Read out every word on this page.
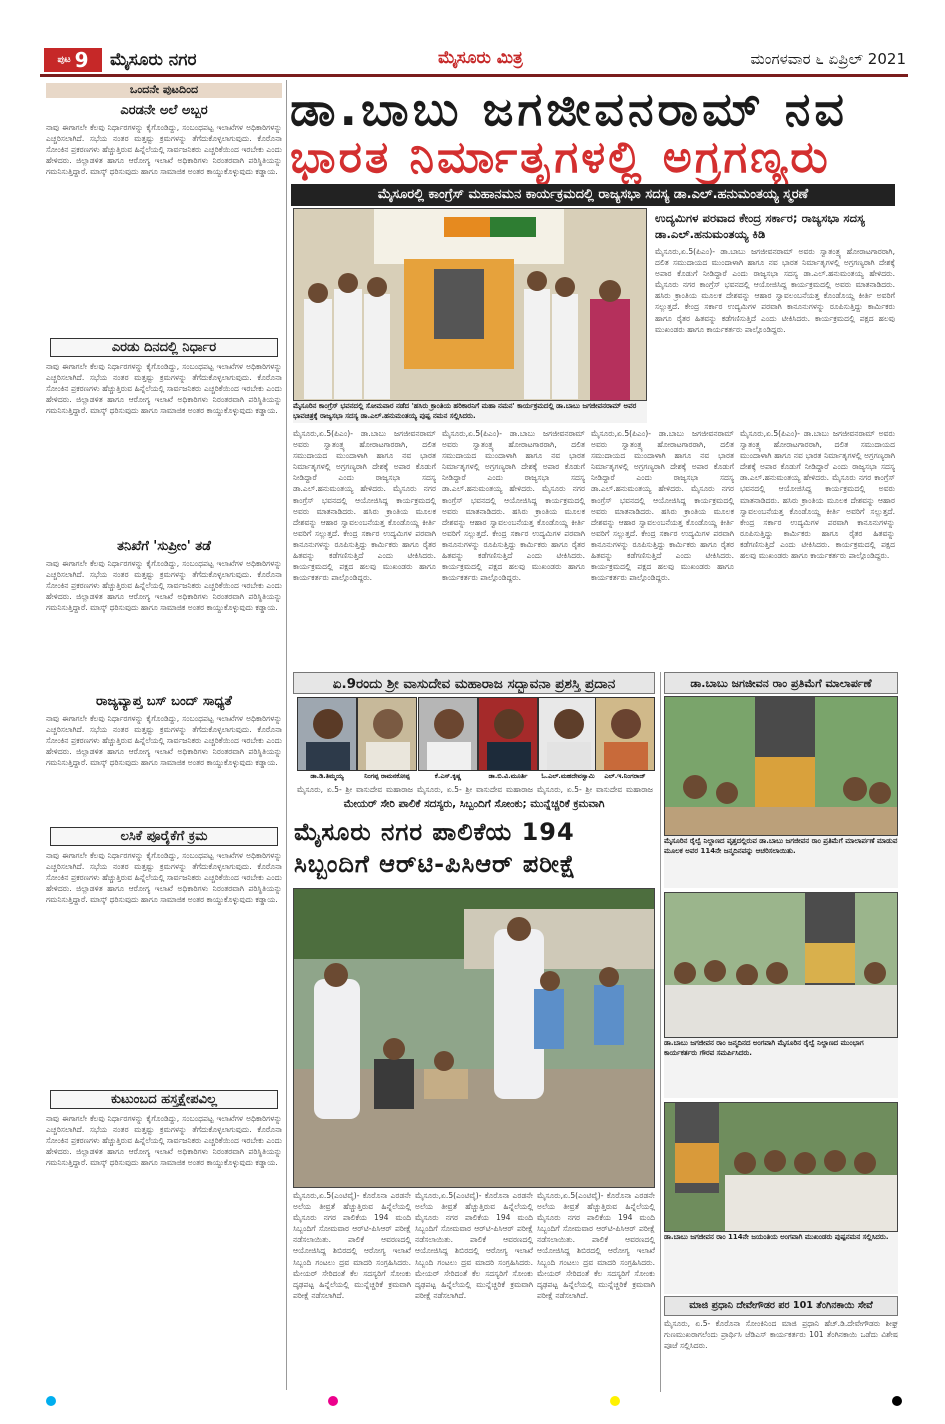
ಪುಟ 9 ಮೈಸೂರು ನಗರ	ಮೈಸೂರು ಮಿತ್ರ	ಮಂಗಳವಾರ ೬ ಏಪ್ರಿಲ್ 2021
ಒಂದನೇ ಪುಟದಿಂದ
ಎರಡನೇ ಅಲೆ ಅಬ್ಬರ
ನಾವು ಈಗಾಗಲೇ ಕೆಲವು ನಿರ್ಧಾರಗಳನ್ನು ಕೈಗೊಂಡಿದ್ದು, ಸಂಬಂಧಪಟ್ಟ ಇಲಾಖೆಗಳ ಅಧಿಕಾರಿಗಳನ್ನು ಎಚ್ಚರಿಸಲಾಗಿದೆ. ಸಭೆಯ ನಂತರ ಮತ್ತಷ್ಟು ಕ್ರಮಗಳನ್ನು ತೆಗೆದುಕೊಳ್ಳಲಾಗುವುದು. ಕೊರೊನಾ ಸೋಂಕಿನ ಪ್ರಕರಣಗಳು ಹೆಚ್ಚುತ್ತಿರುವ ಹಿನ್ನೆಲೆಯಲ್ಲಿ ಸಾರ್ವಜನಿಕರು ಎಚ್ಚರಿಕೆಯಿಂದ ಇರಬೇಕು ಎಂದು ಹೇಳಿದರು. ಜಿಲ್ಲಾಡಳಿತ ಹಾಗೂ ಆರೋಗ್ಯ ಇಲಾಖೆ ಅಧಿಕಾರಿಗಳು ನಿರಂತರವಾಗಿ ಪರಿಸ್ಥಿತಿಯನ್ನು ಗಮನಿಸುತ್ತಿದ್ದಾರೆ. ಮಾಸ್ಕ್ ಧರಿಸುವುದು ಹಾಗೂ ಸಾಮಾಜಿಕ ಅಂತರ ಕಾಯ್ದುಕೊಳ್ಳುವುದು ಕಡ್ಡಾಯ.
ಎರಡು ದಿನದಲ್ಲಿ ನಿರ್ಧಾರ
ನಾವು ಈಗಾಗಲೇ ಕೆಲವು ನಿರ್ಧಾರಗಳನ್ನು ಕೈಗೊಂಡಿದ್ದು, ಸಂಬಂಧಪಟ್ಟ ಇಲಾಖೆಗಳ ಅಧಿಕಾರಿಗಳನ್ನು ಎಚ್ಚರಿಸಲಾಗಿದೆ. ಸಭೆಯ ನಂತರ ಮತ್ತಷ್ಟು ಕ್ರಮಗಳನ್ನು ತೆಗೆದುಕೊಳ್ಳಲಾಗುವುದು. ಕೊರೊನಾ ಸೋಂಕಿನ ಪ್ರಕರಣಗಳು ಹೆಚ್ಚುತ್ತಿರುವ ಹಿನ್ನೆಲೆಯಲ್ಲಿ ಸಾರ್ವಜನಿಕರು ಎಚ್ಚರಿಕೆಯಿಂದ ಇರಬೇಕು ಎಂದು ಹೇಳಿದರು. ಜಿಲ್ಲಾಡಳಿತ ಹಾಗೂ ಆರೋಗ್ಯ ಇಲಾಖೆ ಅಧಿಕಾರಿಗಳು ನಿರಂತರವಾಗಿ ಪರಿಸ್ಥಿತಿಯನ್ನು ಗಮನಿಸುತ್ತಿದ್ದಾರೆ. ಮಾಸ್ಕ್ ಧರಿಸುವುದು ಹಾಗೂ ಸಾಮಾಜಿಕ ಅಂತರ ಕಾಯ್ದುಕೊಳ್ಳುವುದು ಕಡ್ಡಾಯ.
ತನಿಖೆಗೆ 'ಸುಪ್ರೀಂ' ತಡೆ
ನಾವು ಈಗಾಗಲೇ ಕೆಲವು ನಿರ್ಧಾರಗಳನ್ನು ಕೈಗೊಂಡಿದ್ದು, ಸಂಬಂಧಪಟ್ಟ ಇಲಾಖೆಗಳ ಅಧಿಕಾರಿಗಳನ್ನು ಎಚ್ಚರಿಸಲಾಗಿದೆ. ಸಭೆಯ ನಂತರ ಮತ್ತಷ್ಟು ಕ್ರಮಗಳನ್ನು ತೆಗೆದುಕೊಳ್ಳಲಾಗುವುದು. ಕೊರೊನಾ ಸೋಂಕಿನ ಪ್ರಕರಣಗಳು ಹೆಚ್ಚುತ್ತಿರುವ ಹಿನ್ನೆಲೆಯಲ್ಲಿ ಸಾರ್ವಜನಿಕರು ಎಚ್ಚರಿಕೆಯಿಂದ ಇರಬೇಕು ಎಂದು ಹೇಳಿದರು. ಜಿಲ್ಲಾಡಳಿತ ಹಾಗೂ ಆರೋಗ್ಯ ಇಲಾಖೆ ಅಧಿಕಾರಿಗಳು ನಿರಂತರವಾಗಿ ಪರಿಸ್ಥಿತಿಯನ್ನು ಗಮನಿಸುತ್ತಿದ್ದಾರೆ. ಮಾಸ್ಕ್ ಧರಿಸುವುದು ಹಾಗೂ ಸಾಮಾಜಿಕ ಅಂತರ ಕಾಯ್ದುಕೊಳ್ಳುವುದು ಕಡ್ಡಾಯ.
ರಾಜ್ಯವ್ಯಾಪ್ತ ಬಸ್ ಬಂದ್ ಸಾಧ್ಯತೆ
ನಾವು ಈಗಾಗಲೇ ಕೆಲವು ನಿರ್ಧಾರಗಳನ್ನು ಕೈಗೊಂಡಿದ್ದು, ಸಂಬಂಧಪಟ್ಟ ಇಲಾಖೆಗಳ ಅಧಿಕಾರಿಗಳನ್ನು ಎಚ್ಚರಿಸಲಾಗಿದೆ. ಸಭೆಯ ನಂತರ ಮತ್ತಷ್ಟು ಕ್ರಮಗಳನ್ನು ತೆಗೆದುಕೊಳ್ಳಲಾಗುವುದು. ಕೊರೊನಾ ಸೋಂಕಿನ ಪ್ರಕರಣಗಳು ಹೆಚ್ಚುತ್ತಿರುವ ಹಿನ್ನೆಲೆಯಲ್ಲಿ ಸಾರ್ವಜನಿಕರು ಎಚ್ಚರಿಕೆಯಿಂದ ಇರಬೇಕು ಎಂದು ಹೇಳಿದರು. ಜಿಲ್ಲಾಡಳಿತ ಹಾಗೂ ಆರೋಗ್ಯ ಇಲಾಖೆ ಅಧಿಕಾರಿಗಳು ನಿರಂತರವಾಗಿ ಪರಿಸ್ಥಿತಿಯನ್ನು ಗಮನಿಸುತ್ತಿದ್ದಾರೆ. ಮಾಸ್ಕ್ ಧರಿಸುವುದು ಹಾಗೂ ಸಾಮಾಜಿಕ ಅಂತರ ಕಾಯ್ದುಕೊಳ್ಳುವುದು ಕಡ್ಡಾಯ.
ಲಸಿಕೆ ಪೂರೈಕೆಗೆ ಕ್ರಮ
ನಾವು ಈಗಾಗಲೇ ಕೆಲವು ನಿರ್ಧಾರಗಳನ್ನು ಕೈಗೊಂಡಿದ್ದು, ಸಂಬಂಧಪಟ್ಟ ಇಲಾಖೆಗಳ ಅಧಿಕಾರಿಗಳನ್ನು ಎಚ್ಚರಿಸಲಾಗಿದೆ. ಸಭೆಯ ನಂತರ ಮತ್ತಷ್ಟು ಕ್ರಮಗಳನ್ನು ತೆಗೆದುಕೊಳ್ಳಲಾಗುವುದು. ಕೊರೊನಾ ಸೋಂಕಿನ ಪ್ರಕರಣಗಳು ಹೆಚ್ಚುತ್ತಿರುವ ಹಿನ್ನೆಲೆಯಲ್ಲಿ ಸಾರ್ವಜನಿಕರು ಎಚ್ಚರಿಕೆಯಿಂದ ಇರಬೇಕು ಎಂದು ಹೇಳಿದರು. ಜಿಲ್ಲಾಡಳಿತ ಹಾಗೂ ಆರೋಗ್ಯ ಇಲಾಖೆ ಅಧಿಕಾರಿಗಳು ನಿರಂತರವಾಗಿ ಪರಿಸ್ಥಿತಿಯನ್ನು ಗಮನಿಸುತ್ತಿದ್ದಾರೆ. ಮಾಸ್ಕ್ ಧರಿಸುವುದು ಹಾಗೂ ಸಾಮಾಜಿಕ ಅಂತರ ಕಾಯ್ದುಕೊಳ್ಳುವುದು ಕಡ್ಡಾಯ.
ಕುಟುಂಬದ ಹಸ್ತಕ್ಷೇಪವಿಲ್ಲ
ನಾವು ಈಗಾಗಲೇ ಕೆಲವು ನಿರ್ಧಾರಗಳನ್ನು ಕೈಗೊಂಡಿದ್ದು, ಸಂಬಂಧಪಟ್ಟ ಇಲಾಖೆಗಳ ಅಧಿಕಾರಿಗಳನ್ನು ಎಚ್ಚರಿಸಲಾಗಿದೆ. ಸಭೆಯ ನಂತರ ಮತ್ತಷ್ಟು ಕ್ರಮಗಳನ್ನು ತೆಗೆದುಕೊಳ್ಳಲಾಗುವುದು. ಕೊರೊನಾ ಸೋಂಕಿನ ಪ್ರಕರಣಗಳು ಹೆಚ್ಚುತ್ತಿರುವ ಹಿನ್ನೆಲೆಯಲ್ಲಿ ಸಾರ್ವಜನಿಕರು ಎಚ್ಚರಿಕೆಯಿಂದ ಇರಬೇಕು ಎಂದು ಹೇಳಿದರು. ಜಿಲ್ಲಾಡಳಿತ ಹಾಗೂ ಆರೋಗ್ಯ ಇಲಾಖೆ ಅಧಿಕಾರಿಗಳು ನಿರಂತರವಾಗಿ ಪರಿಸ್ಥಿತಿಯನ್ನು ಗಮನಿಸುತ್ತಿದ್ದಾರೆ. ಮಾಸ್ಕ್ ಧರಿಸುವುದು ಹಾಗೂ ಸಾಮಾಜಿಕ ಅಂತರ ಕಾಯ್ದುಕೊಳ್ಳುವುದು ಕಡ್ಡಾಯ.
ಡಾ.ಬಾಬು ಜಗಜೀವನರಾಮ್ ನವ
ಭಾರತ ನಿರ್ಮಾತೃಗಳಲ್ಲಿ ಅಗ್ರಗಣ್ಯರು
ಮೈಸೂರಲ್ಲಿ ಕಾಂಗ್ರೆಸ್ ಮಹಾನಮನ ಕಾರ್ಯಕ್ರಮದಲ್ಲಿ ರಾಜ್ಯಸಭಾ ಸದಸ್ಯ ಡಾ.ಎಲ್.ಹನುಮಂತಯ್ಯ ಸ್ಮರಣೆ
ಮೈಸೂರಿನ ಕಾಂಗ್ರೆಸ್ ಭವನದಲ್ಲಿ ಸೋಮವಾರ ನಡೆದ 'ಹಸಿರು ಕ್ರಾಂತಿಯ ಹರಿಕಾರನಿಗೆ ಮಹಾ ನಮನ' ಕಾರ್ಯಕ್ರಮದಲ್ಲಿ ಡಾ.ಬಾಬು ಜಗಜೀವನರಾಮ್ ಅವರ ಭಾವಚಿತ್ರಕ್ಕೆ ರಾಜ್ಯಸಭಾ ಸದಸ್ಯ ಡಾ.ಎಲ್.ಹನುಮಂತಯ್ಯ ಪುಷ್ಪ ನಮನ ಸಲ್ಲಿಸಿದರು.
ಉದ್ಯಮಿಗಳ ಪರವಾದ ಕೇಂದ್ರ ಸರ್ಕಾರ; ರಾಜ್ಯಸಭಾ ಸದಸ್ಯ ಡಾ.ಎಲ್.ಹನುಮಂತಯ್ಯ ಕಿಡಿ
ಮೈಸೂರು,ಏ.5(ಪಿಎಂ)- ಡಾ.ಬಾಬು ಜಗಜೀವನರಾಮ್ ಅವರು ಸ್ವಾತಂತ್ರ್ಯ ಹೋರಾಟಗಾರರಾಗಿ, ದಲಿತ ಸಮುದಾಯದ ಮುಂದಾಳಾಗಿ ಹಾಗೂ ನವ ಭಾರತ ನಿರ್ಮಾತೃಗಳಲ್ಲಿ ಅಗ್ರಗಣ್ಯರಾಗಿ ದೇಶಕ್ಕೆ ಅಪಾರ ಕೊಡುಗೆ ನೀಡಿದ್ದಾರೆ ಎಂದು ರಾಜ್ಯಸಭಾ ಸದಸ್ಯ ಡಾ.ಎಲ್.ಹನುಮಂತಯ್ಯ ಹೇಳಿದರು. ಮೈಸೂರು ನಗರ ಕಾಂಗ್ರೆಸ್ ಭವನದಲ್ಲಿ ಆಯೋಜಿಸಿದ್ದ ಕಾರ್ಯಕ್ರಮದಲ್ಲಿ ಅವರು ಮಾತನಾಡಿದರು. ಹಸಿರು ಕ್ರಾಂತಿಯ ಮೂಲಕ ದೇಶವನ್ನು ಆಹಾರ ಸ್ವಾವಲಂಬನೆಯತ್ತ ಕೊಂಡೊಯ್ದ ಕೀರ್ತಿ ಅವರಿಗೆ ಸಲ್ಲುತ್ತದೆ. ಕೇಂದ್ರ ಸರ್ಕಾರ ಉದ್ಯಮಿಗಳ ಪರವಾಗಿ ಕಾನೂನುಗಳನ್ನು ರೂಪಿಸುತ್ತಿದ್ದು ಕಾರ್ಮಿಕರು ಹಾಗೂ ರೈತರ ಹಿತವನ್ನು ಕಡೆಗಣಿಸುತ್ತಿದೆ ಎಂದು ಟೀಕಿಸಿದರು. ಕಾರ್ಯಕ್ರಮದಲ್ಲಿ ಪಕ್ಷದ ಹಲವು ಮುಖಂಡರು ಹಾಗೂ ಕಾರ್ಯಕರ್ತರು ಪಾಲ್ಗೊಂಡಿದ್ದರು.
ಮೈಸೂರು,ಏ.5(ಪಿಎಂ)- ಡಾ.ಬಾಬು ಜಗಜೀವನರಾಮ್ ಅವರು ಸ್ವಾತಂತ್ರ್ಯ ಹೋರಾಟಗಾರರಾಗಿ, ದಲಿತ ಸಮುದಾಯದ ಮುಂದಾಳಾಗಿ ಹಾಗೂ ನವ ಭಾರತ ನಿರ್ಮಾತೃಗಳಲ್ಲಿ ಅಗ್ರಗಣ್ಯರಾಗಿ ದೇಶಕ್ಕೆ ಅಪಾರ ಕೊಡುಗೆ ನೀಡಿದ್ದಾರೆ ಎಂದು ರಾಜ್ಯಸಭಾ ಸದಸ್ಯ ಡಾ.ಎಲ್.ಹನುಮಂತಯ್ಯ ಹೇಳಿದರು. ಮೈಸೂರು ನಗರ ಕಾಂಗ್ರೆಸ್ ಭವನದಲ್ಲಿ ಆಯೋಜಿಸಿದ್ದ ಕಾರ್ಯಕ್ರಮದಲ್ಲಿ ಅವರು ಮಾತನಾಡಿದರು. ಹಸಿರು ಕ್ರಾಂತಿಯ ಮೂಲಕ ದೇಶವನ್ನು ಆಹಾರ ಸ್ವಾವಲಂಬನೆಯತ್ತ ಕೊಂಡೊಯ್ದ ಕೀರ್ತಿ ಅವರಿಗೆ ಸಲ್ಲುತ್ತದೆ. ಕೇಂದ್ರ ಸರ್ಕಾರ ಉದ್ಯಮಿಗಳ ಪರವಾಗಿ ಕಾನೂನುಗಳನ್ನು ರೂಪಿಸುತ್ತಿದ್ದು ಕಾರ್ಮಿಕರು ಹಾಗೂ ರೈತರ ಹಿತವನ್ನು ಕಡೆಗಣಿಸುತ್ತಿದೆ ಎಂದು ಟೀಕಿಸಿದರು. ಕಾರ್ಯಕ್ರಮದಲ್ಲಿ ಪಕ್ಷದ ಹಲವು ಮುಖಂಡರು ಹಾಗೂ ಕಾರ್ಯಕರ್ತರು ಪಾಲ್ಗೊಂಡಿದ್ದರು.
ಮೈಸೂರು,ಏ.5(ಪಿಎಂ)- ಡಾ.ಬಾಬು ಜಗಜೀವನರಾಮ್ ಅವರು ಸ್ವಾತಂತ್ರ್ಯ ಹೋರಾಟಗಾರರಾಗಿ, ದಲಿತ ಸಮುದಾಯದ ಮುಂದಾಳಾಗಿ ಹಾಗೂ ನವ ಭಾರತ ನಿರ್ಮಾತೃಗಳಲ್ಲಿ ಅಗ್ರಗಣ್ಯರಾಗಿ ದೇಶಕ್ಕೆ ಅಪಾರ ಕೊಡುಗೆ ನೀಡಿದ್ದಾರೆ ಎಂದು ರಾಜ್ಯಸಭಾ ಸದಸ್ಯ ಡಾ.ಎಲ್.ಹನುಮಂತಯ್ಯ ಹೇಳಿದರು. ಮೈಸೂರು ನಗರ ಕಾಂಗ್ರೆಸ್ ಭವನದಲ್ಲಿ ಆಯೋಜಿಸಿದ್ದ ಕಾರ್ಯಕ್ರಮದಲ್ಲಿ ಅವರು ಮಾತನಾಡಿದರು. ಹಸಿರು ಕ್ರಾಂತಿಯ ಮೂಲಕ ದೇಶವನ್ನು ಆಹಾರ ಸ್ವಾವಲಂಬನೆಯತ್ತ ಕೊಂಡೊಯ್ದ ಕೀರ್ತಿ ಅವರಿಗೆ ಸಲ್ಲುತ್ತದೆ. ಕೇಂದ್ರ ಸರ್ಕಾರ ಉದ್ಯಮಿಗಳ ಪರವಾಗಿ ಕಾನೂನುಗಳನ್ನು ರೂಪಿಸುತ್ತಿದ್ದು ಕಾರ್ಮಿಕರು ಹಾಗೂ ರೈತರ ಹಿತವನ್ನು ಕಡೆಗಣಿಸುತ್ತಿದೆ ಎಂದು ಟೀಕಿಸಿದರು. ಕಾರ್ಯಕ್ರಮದಲ್ಲಿ ಪಕ್ಷದ ಹಲವು ಮುಖಂಡರು ಹಾಗೂ ಕಾರ್ಯಕರ್ತರು ಪಾಲ್ಗೊಂಡಿದ್ದರು.
ಮೈಸೂರು,ಏ.5(ಪಿಎಂ)- ಡಾ.ಬಾಬು ಜಗಜೀವನರಾಮ್ ಅವರು ಸ್ವಾತಂತ್ರ್ಯ ಹೋರಾಟಗಾರರಾಗಿ, ದಲಿತ ಸಮುದಾಯದ ಮುಂದಾಳಾಗಿ ಹಾಗೂ ನವ ಭಾರತ ನಿರ್ಮಾತೃಗಳಲ್ಲಿ ಅಗ್ರಗಣ್ಯರಾಗಿ ದೇಶಕ್ಕೆ ಅಪಾರ ಕೊಡುಗೆ ನೀಡಿದ್ದಾರೆ ಎಂದು ರಾಜ್ಯಸಭಾ ಸದಸ್ಯ ಡಾ.ಎಲ್.ಹನುಮಂತಯ್ಯ ಹೇಳಿದರು. ಮೈಸೂರು ನಗರ ಕಾಂಗ್ರೆಸ್ ಭವನದಲ್ಲಿ ಆಯೋಜಿಸಿದ್ದ ಕಾರ್ಯಕ್ರಮದಲ್ಲಿ ಅವರು ಮಾತನಾಡಿದರು. ಹಸಿರು ಕ್ರಾಂತಿಯ ಮೂಲಕ ದೇಶವನ್ನು ಆಹಾರ ಸ್ವಾವಲಂಬನೆಯತ್ತ ಕೊಂಡೊಯ್ದ ಕೀರ್ತಿ ಅವರಿಗೆ ಸಲ್ಲುತ್ತದೆ. ಕೇಂದ್ರ ಸರ್ಕಾರ ಉದ್ಯಮಿಗಳ ಪರವಾಗಿ ಕಾನೂನುಗಳನ್ನು ರೂಪಿಸುತ್ತಿದ್ದು ಕಾರ್ಮಿಕರು ಹಾಗೂ ರೈತರ ಹಿತವನ್ನು ಕಡೆಗಣಿಸುತ್ತಿದೆ ಎಂದು ಟೀಕಿಸಿದರು. ಕಾರ್ಯಕ್ರಮದಲ್ಲಿ ಪಕ್ಷದ ಹಲವು ಮುಖಂಡರು ಹಾಗೂ ಕಾರ್ಯಕರ್ತರು ಪಾಲ್ಗೊಂಡಿದ್ದರು.
ಮೈಸೂರು,ಏ.5(ಪಿಎಂ)- ಡಾ.ಬಾಬು ಜಗಜೀವನರಾಮ್ ಅವರು ಸ್ವಾತಂತ್ರ್ಯ ಹೋರಾಟಗಾರರಾಗಿ, ದಲಿತ ಸಮುದಾಯದ ಮುಂದಾಳಾಗಿ ಹಾಗೂ ನವ ಭಾರತ ನಿರ್ಮಾತೃಗಳಲ್ಲಿ ಅಗ್ರಗಣ್ಯರಾಗಿ ದೇಶಕ್ಕೆ ಅಪಾರ ಕೊಡುಗೆ ನೀಡಿದ್ದಾರೆ ಎಂದು ರಾಜ್ಯಸಭಾ ಸದಸ್ಯ ಡಾ.ಎಲ್.ಹನುಮಂತಯ್ಯ ಹೇಳಿದರು. ಮೈಸೂರು ನಗರ ಕಾಂಗ್ರೆಸ್ ಭವನದಲ್ಲಿ ಆಯೋಜಿಸಿದ್ದ ಕಾರ್ಯಕ್ರಮದಲ್ಲಿ ಅವರು ಮಾತನಾಡಿದರು. ಹಸಿರು ಕ್ರಾಂತಿಯ ಮೂಲಕ ದೇಶವನ್ನು ಆಹಾರ ಸ್ವಾವಲಂಬನೆಯತ್ತ ಕೊಂಡೊಯ್ದ ಕೀರ್ತಿ ಅವರಿಗೆ ಸಲ್ಲುತ್ತದೆ. ಕೇಂದ್ರ ಸರ್ಕಾರ ಉದ್ಯಮಿಗಳ ಪರವಾಗಿ ಕಾನೂನುಗಳನ್ನು ರೂಪಿಸುತ್ತಿದ್ದು ಕಾರ್ಮಿಕರು ಹಾಗೂ ರೈತರ ಹಿತವನ್ನು ಕಡೆಗಣಿಸುತ್ತಿದೆ ಎಂದು ಟೀಕಿಸಿದರು. ಕಾರ್ಯಕ್ರಮದಲ್ಲಿ ಪಕ್ಷದ ಹಲವು ಮುಖಂಡರು ಹಾಗೂ ಕಾರ್ಯಕರ್ತರು ಪಾಲ್ಗೊಂಡಿದ್ದರು.
ಏ.9ರಂದು ಶ್ರೀ ವಾಸುದೇವ ಮಹಾರಾಜ ಸದ್ಭಾವನಾ ಪ್ರಶಸ್ತಿ ಪ್ರದಾನ
ಡಾ.ಡಿ.ತಿಮ್ಮಯ್ಯ	ನಿಂಗಪ್ಪ ರಾಮನಕೋಪ್ಪ	ಕೆ.ಎಸ್.ಕೃಷ್ಣ	ಡಾ.ಬಿ.ವಿ.ಮೂರ್ತಿ	ಓ.ಎಲ್.ಮಹದೇವಸ್ವಾಮಿ	ಎಲ್.ಇ.ನಿಂಗರಾಜ್
ಮೈಸೂರು, ಏ.5- ಶ್ರೀ ವಾಸುದೇವ ಮಹಾರಾಜ ಮೈಸೂರು, ಏ.5- ಶ್ರೀ ವಾಸುದೇವ ಮಹಾರಾಜ ಮೈಸೂರು, ಏ.5- ಶ್ರೀ ವಾಸುದೇವ ಮಹಾರಾಜ
ಮೇಯರ್ ಸೇರಿ ಪಾಲಿಕೆ ಸದಸ್ಯರು, ಸಿಬ್ಬಂದಿಗೆ ಸೋಂಕು; ಮುನ್ನೆಚ್ಚರಿಕೆ ಕ್ರಮವಾಗಿ
ಮೈಸೂರು ನಗರ ಪಾಲಿಕೆಯ 194
ಸಿಬ್ಬಂದಿಗೆ ಆರ್‌ಟಿ-ಪಿಸಿಆರ್ ಪರೀಕ್ಷೆ
ಮೈಸೂರು,ಏ.5(ಎಂಟಿವೈ)- ಕೊರೊನಾ ಎರಡನೇ ಅಲೆಯ ತೀವ್ರತೆ ಹೆಚ್ಚುತ್ತಿರುವ ಹಿನ್ನೆಲೆಯಲ್ಲಿ ಮೈಸೂರು ನಗರ ಪಾಲಿಕೆಯ 194 ಮಂದಿ ಸಿಬ್ಬಂದಿಗೆ ಸೋಮವಾರ ಆರ್‌ಟಿ-ಪಿಸಿಆರ್ ಪರೀಕ್ಷೆ ನಡೆಸಲಾಯಿತು. ಪಾಲಿಕೆ ಆವರಣದಲ್ಲಿ ಆಯೋಜಿಸಿದ್ದ ಶಿಬಿರದಲ್ಲಿ ಆರೋಗ್ಯ ಇಲಾಖೆ ಸಿಬ್ಬಂದಿ ಗಂಟಲು ದ್ರವ ಮಾದರಿ ಸಂಗ್ರಹಿಸಿದರು. ಮೇಯರ್ ಸೇರಿದಂತೆ ಕೆಲ ಸದಸ್ಯರಿಗೆ ಸೋಂಕು ದೃಢಪಟ್ಟ ಹಿನ್ನೆಲೆಯಲ್ಲಿ ಮುನ್ನೆಚ್ಚರಿಕೆ ಕ್ರಮವಾಗಿ ಪರೀಕ್ಷೆ ನಡೆಸಲಾಗಿದೆ.
ಮೈಸೂರು,ಏ.5(ಎಂಟಿವೈ)- ಕೊರೊನಾ ಎರಡನೇ ಅಲೆಯ ತೀವ್ರತೆ ಹೆಚ್ಚುತ್ತಿರುವ ಹಿನ್ನೆಲೆಯಲ್ಲಿ ಮೈಸೂರು ನಗರ ಪಾಲಿಕೆಯ 194 ಮಂದಿ ಸಿಬ್ಬಂದಿಗೆ ಸೋಮವಾರ ಆರ್‌ಟಿ-ಪಿಸಿಆರ್ ಪರೀಕ್ಷೆ ನಡೆಸಲಾಯಿತು. ಪಾಲಿಕೆ ಆವರಣದಲ್ಲಿ ಆಯೋಜಿಸಿದ್ದ ಶಿಬಿರದಲ್ಲಿ ಆರೋಗ್ಯ ಇಲಾಖೆ ಸಿಬ್ಬಂದಿ ಗಂಟಲು ದ್ರವ ಮಾದರಿ ಸಂಗ್ರಹಿಸಿದರು. ಮೇಯರ್ ಸೇರಿದಂತೆ ಕೆಲ ಸದಸ್ಯರಿಗೆ ಸೋಂಕು ದೃಢಪಟ್ಟ ಹಿನ್ನೆಲೆಯಲ್ಲಿ ಮುನ್ನೆಚ್ಚರಿಕೆ ಕ್ರಮವಾಗಿ ಪರೀಕ್ಷೆ ನಡೆಸಲಾಗಿದೆ.
ಮೈಸೂರು,ಏ.5(ಎಂಟಿವೈ)- ಕೊರೊನಾ ಎರಡನೇ ಅಲೆಯ ತೀವ್ರತೆ ಹೆಚ್ಚುತ್ತಿರುವ ಹಿನ್ನೆಲೆಯಲ್ಲಿ ಮೈಸೂರು ನಗರ ಪಾಲಿಕೆಯ 194 ಮಂದಿ ಸಿಬ್ಬಂದಿಗೆ ಸೋಮವಾರ ಆರ್‌ಟಿ-ಪಿಸಿಆರ್ ಪರೀಕ್ಷೆ ನಡೆಸಲಾಯಿತು. ಪಾಲಿಕೆ ಆವರಣದಲ್ಲಿ ಆಯೋಜಿಸಿದ್ದ ಶಿಬಿರದಲ್ಲಿ ಆರೋಗ್ಯ ಇಲಾಖೆ ಸಿಬ್ಬಂದಿ ಗಂಟಲು ದ್ರವ ಮಾದರಿ ಸಂಗ್ರಹಿಸಿದರು. ಮೇಯರ್ ಸೇರಿದಂತೆ ಕೆಲ ಸದಸ್ಯರಿಗೆ ಸೋಂಕು ದೃಢಪಟ್ಟ ಹಿನ್ನೆಲೆಯಲ್ಲಿ ಮುನ್ನೆಚ್ಚರಿಕೆ ಕ್ರಮವಾಗಿ ಪರೀಕ್ಷೆ ನಡೆಸಲಾಗಿದೆ.
ಡಾ.ಬಾಬು ಜಗಜೀವನ ರಾಂ ಪ್ರತಿಮೆಗೆ ಮಾಲಾರ್ಪಣೆ
ಮೈಸೂರಿನ ರೈಲ್ವೆ ನಿಲ್ದಾಣದ ವೃತ್ತದಲ್ಲಿರುವ ಡಾ.ಬಾಬು ಜಗಜೀವನ ರಾಂ ಪ್ರತಿಮೆಗೆ ಮಾಲಾರ್ಪಣೆ ಮಾಡುವ ಮೂಲಕ ಅವರ 114ನೇ ಜನ್ಮದಿನವನ್ನು ಆಚರಿಸಲಾಯಿತು.
ಡಾ.ಬಾಬು ಜಗಜೀವನ ರಾಂ ಜನ್ಮದಿನದ ಅಂಗವಾಗಿ ಮೈಸೂರಿನ ರೈಲ್ವೆ ನಿಲ್ದಾಣದ ಮುಂಭಾಗ ಕಾರ್ಯಕರ್ತರು ಗೌರವ ಸಮರ್ಪಿಸಿದರು.
ಡಾ.ಬಾಬು ಜಗಜೀವನ ರಾಂ 114ನೇ ಜಯಂತಿಯ ಅಂಗವಾಗಿ ಮುಖಂಡರು ಪುಷ್ಪನಮನ ಸಲ್ಲಿಸಿದರು.
ಮಾಜಿ ಪ್ರಧಾನಿ ದೇವೇಗೌಡರ ಪರ 101 ತೆಂಗಿನಕಾಯಿ ಸೇವೆ
ಮೈಸೂರು, ಏ.5- ಕೊರೊನಾ ಸೋಂಕಿನಿಂದ ಮಾಜಿ ಪ್ರಧಾನಿ ಹೆಚ್.ಡಿ.ದೇವೇಗೌಡರು ಶೀಘ್ರ ಗುಣಮುಖರಾಗಲೆಂದು ಪ್ರಾರ್ಥಿಸಿ ಜೆಡಿಎಸ್ ಕಾರ್ಯಕರ್ತರು 101 ತೆಂಗಿನಕಾಯಿ ಒಡೆದು ವಿಶೇಷ ಪೂಜೆ ಸಲ್ಲಿಸಿದರು.
